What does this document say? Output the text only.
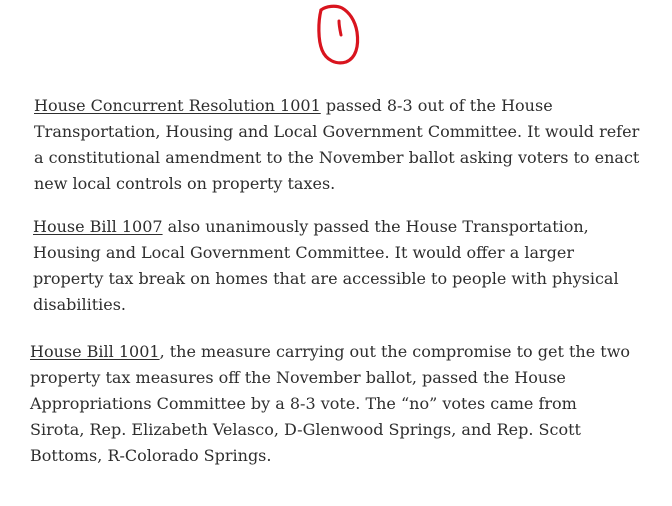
House Concurrent Resolution 1001 passed 8-3 out of the House
Transportation, Housing and Local Government Committee. It would refer
a constitutional amendment to the November ballot asking voters to enact
new local controls on property taxes.

House Bill 1007 also unanimously passed the House Transportation,
Housing and Local Government Committee. It would offer a larger
property tax break on homes that are accessible to people with physical
disabilities.

House Bill 1001, the measure carrying out the compromise to get the two
property tax measures off the November ballot, passed the House
Appropriations Committee by a 8-3 vote. The “no” votes came from
Sirota, Rep. Elizabeth Velasco, D-Glenwood Springs, and Rep. Scott
Bottoms, R-Colorado Springs.
